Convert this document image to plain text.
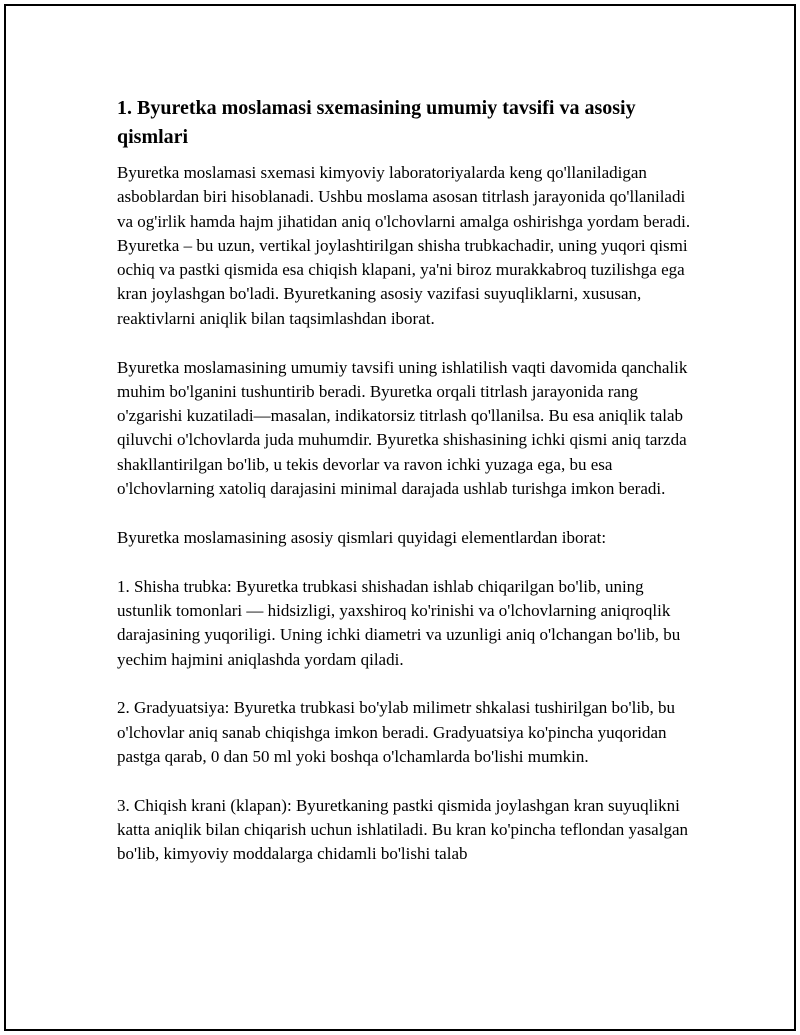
1. Byuretka moslamasi sxemasining umumiy tavsifi va asosiy qismlari

Byuretka moslamasi sxemasi kimyoviy laboratoriyalarda keng qo'llaniladigan asboblardan biri hisoblanadi. Ushbu moslama asosan titrlash jarayonida qo'llaniladi va og'irlik hamda hajm jihatidan aniq o'lchovlarni amalga oshirishga yordam beradi. Byuretka – bu uzun, vertikal joylashtirilgan shisha trubkachadir, uning yuqori qismi ochiq va pastki qismida esa chiqish klapani, ya'ni biroz murakkabroq tuzilishga ega kran joylashgan bo'ladi. Byuretkaning asosiy vazifasi suyuqliklarni, xususan, reaktivlarni aniqlik bilan taqsimlashdan iborat.

Byuretka moslamasining umumiy tavsifi uning ishlatilish vaqti davomida qanchalik muhim bo'lganini tushuntirib beradi. Byuretka orqali titrlash jarayonida rang o'zgarishi kuzatiladi—masalan, indikatorsiz titrlash qo'llanilsa. Bu esa aniqlik talab qiluvchi o'lchovlarda juda muhumdir. Byuretka shishasining ichki qismi aniq tarzda shakllantirilgan bo'lib, u tekis devorlar va ravon ichki yuzaga ega, bu esa o'lchovlarning xatoliq darajasini minimal darajada ushlab turishga imkon beradi.

Byuretka moslamasining asosiy qismlari quyidagi elementlardan iborat:

1. Shisha trubka: Byuretka trubkasi shishadan ishlab chiqarilgan bo'lib, uning ustunlik tomonlari — hidsizligi, yaxshiroq ko'rinishi va o'lchovlarning aniqroqlik darajasining yuqoriligi. Uning ichki diametri va uzunligi aniq o'lchangan bo'lib, bu yechim hajmini aniqlashda yordam qiladi.

2. Gradyuatsiya: Byuretka trubkasi bo'ylab milimetr shkalasi tushirilgan bo'lib, bu o'lchovlar aniq sanab chiqishga imkon beradi. Gradyuatsiya ko'pincha yuqoridan pastga qarab, 0 dan 50 ml yoki boshqa o'lchamlarda bo'lishi mumkin.

3. Chiqish krani (klapan): Byuretkaning pastki qismida joylashgan kran suyuqlikni katta aniqlik bilan chiqarish uchun ishlatiladi. Bu kran ko'pincha teflondan yasalgan bo'lib, kimyoviy moddalarga chidamli bo'lishi talab
